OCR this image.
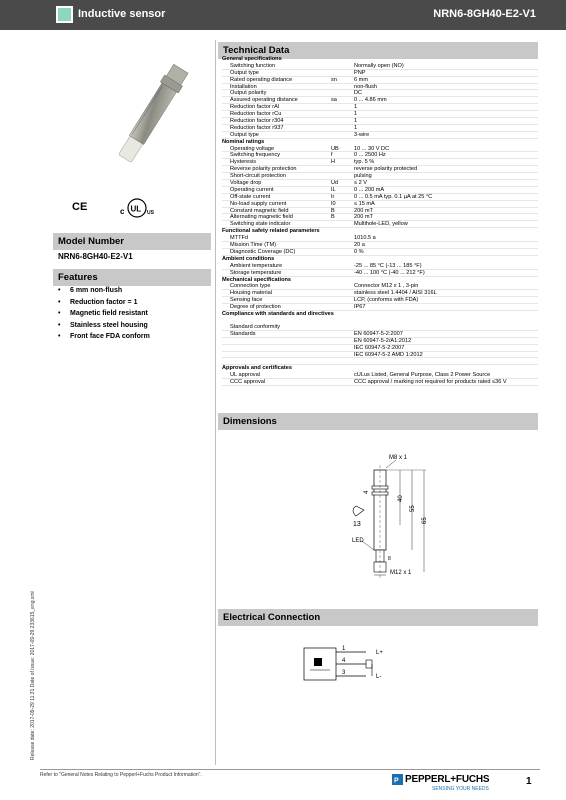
Inductive sensor	NRN6-8GH40-E2-V1
CE	c UL US
Model Number
NRN6-8GH40-E2-V1
Features
• 6 mm non-flush
• Reduction factor = 1
• Magnetic field resistant
• Stainless steel housing
• Front face FDA conform
Release date: 2017-09-29 11:31 Date of issue: 2017-09-29 233615_eng.xml
Technical Data
General specifications
Switching function	Normally open (NO)
Output type	PNP
Rated operating distance	sn	6 mm
Installation	non-flush
Output polarity	DC
Assured operating distance	sa	0 ... 4.86 mm
Reduction factor rAl	1
Reduction factor rCu	1
Reduction factor r304	1
Reduction factor r937	1
Output type	3-wire
Nominal ratings
Operating voltage	UB	10 ... 30 V DC
Switching frequency	f	0 ... 2500 Hz
Hysteresis	H	typ. 5 %
Reverse polarity protection	reverse polarity protected
Short-circuit protection	pulsing
Voltage drop	Ud	≤ 2 V
Operating current	IL	0 ... 200 mA
Off-state current	Ir	0 ... 0.5 mA typ. 0.1 µA at 25 °C
No-load supply current	I0	≤ 15 mA
Constant magnetic field	B	200 mT
Alternating magnetic field	B	200 mT
Switching state indicator	Multihole-LED, yellow
Functional safety related parameters
MTTFd	1010.5 a
Mission Time (TM)	20 a
Diagnostic Coverage (DC)	0 %
Ambient conditions
Ambient temperature	-25 ... 85 °C (-13 ... 185 °F)
Storage temperature	-40 ... 100 °C (-40 ... 212 °F)
Mechanical specifications
Connection type	Connector M12 x 1 , 3-pin
Housing material	stainless steel 1.4404 / AISI 316L
Sensing face	LCP, (conforms with FDA)
Degree of protection	IP67
Compliance with standards and directives
Standard conformity
Standards	EN 60947-5-2:2007
EN 60947-5-2/A1:2012
IEC 60947-5-2:2007
IEC 60947-5-2 AMD 1:2012
Approvals and certificates
UL approval	cULus Listed, General Purpose, Class 2 Power Source
CCC approval	CCC approval / marking not required for products rated ≤36 V
Dimensions
M8 x 1
40
55
65
4
13
LED
8
M12 x 1
Electrical Connection
1
4
3
L+
L-
Refer to "General Notes Relating to Pepperl+Fuchs Product Information".
P PEPPERL+FUCHS
SENSING YOUR NEEDS
1
